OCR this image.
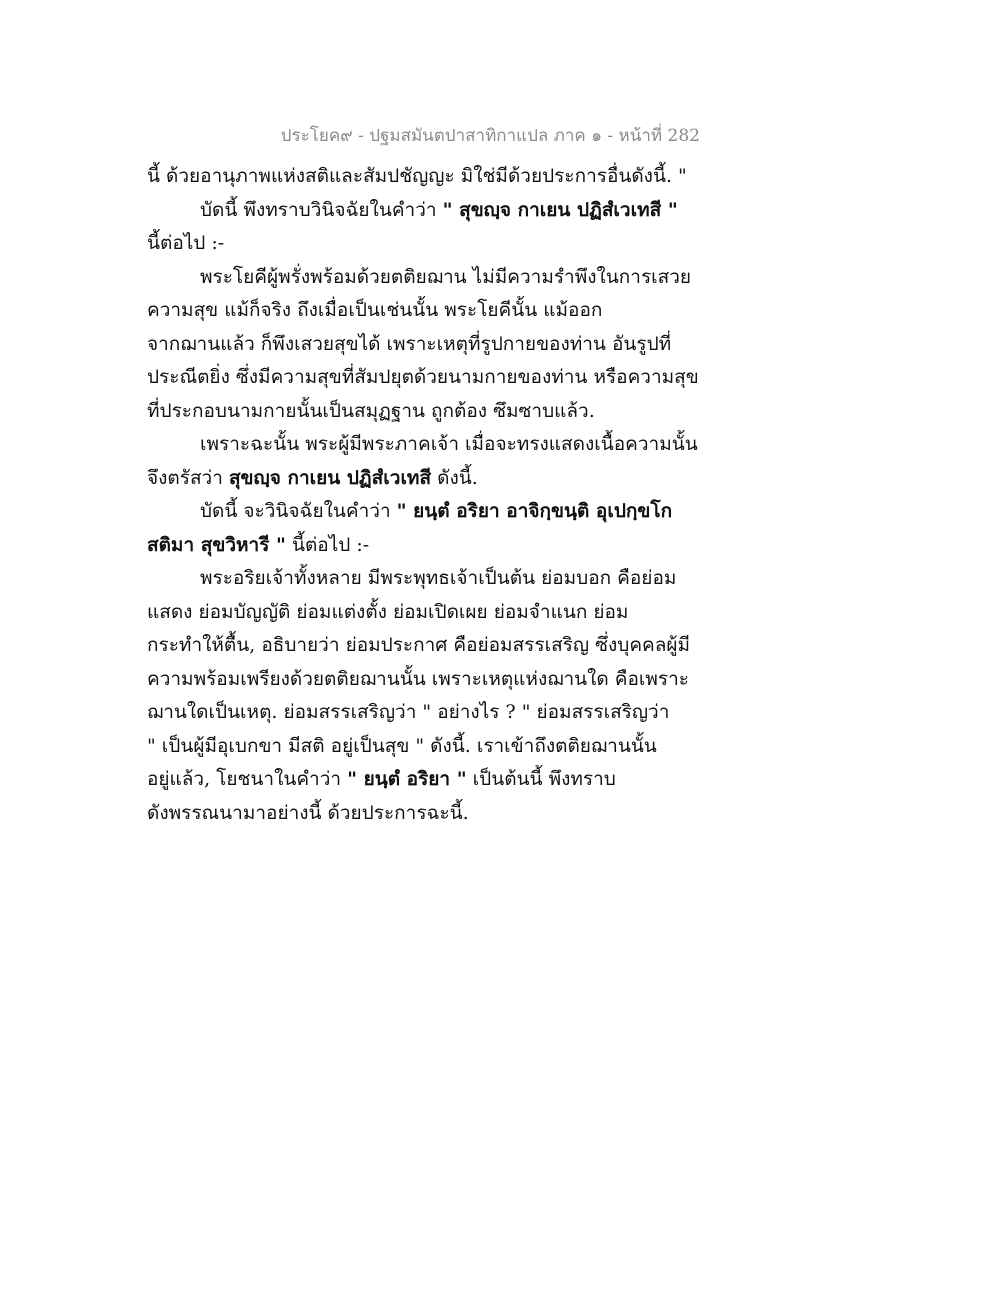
ประโยค๙ - ปฐมสมันตปาสาทิกาแปล ภาค ๑ - หน้าที่ 282
นี้ ด้วยอานุภาพแห่งสติและสัมปชัญญะ มิใช่มีด้วยประการอื่นดังนี้. "
บัดนี้ พึงทราบวินิจฉัยในคำว่า " สุขญฺจ กาเยน ปฏิสํเวเทสี "
นี้ต่อไป :-
พระโยคีผู้พรั่งพร้อมด้วยตติยฌาน ไม่มีความรำพึงในการเสวย
ความสุข แม้ก็จริง ถึงเมื่อเป็นเช่นนั้น พระโยคีนั้น แม้ออก
จากฌานแล้ว ก็พึงเสวยสุขได้ เพราะเหตุที่รูปกายของท่าน อันรูปที่
ประณีตยิ่ง ซึ่งมีความสุขที่สัมปยุตด้วยนามกายของท่าน หรือความสุข
ที่ประกอบนามกายนั้นเป็นสมุฏฐาน ถูกต้อง ซึมซาบแล้ว.
เพราะฉะนั้น พระผู้มีพระภาคเจ้า เมื่อจะทรงแสดงเนื้อความนั้น
จึงตรัสว่า สุขญฺจ กาเยน ปฏิสํเวเทสี ดังนี้.
บัดนี้ จะวินิจฉัยในคำว่า " ยนฺตํ อริยา อาจิกฺขนฺติ อุเปกฺขโก
สติมา สุขวิหารี " นี้ต่อไป :-
พระอริยเจ้าทั้งหลาย มีพระพุทธเจ้าเป็นต้น ย่อมบอก คือย่อม
แสดง ย่อมบัญญัติ ย่อมแต่งตั้ง ย่อมเปิดเผย ย่อมจำแนก ย่อม
กระทำให้ตื้น, อธิบายว่า ย่อมประกาศ คือย่อมสรรเสริญ ซึ่งบุคคลผู้มี
ความพร้อมเพรียงด้วยตติยฌานนั้น เพราะเหตุแห่งฌานใด คือเพราะ
ฌานใดเป็นเหตุ. ย่อมสรรเสริญว่า " อย่างไร ? " ย่อมสรรเสริญว่า
" เป็นผู้มีอุเบกขา มีสติ อยู่เป็นสุข " ดังนี้. เราเข้าถึงตติยฌานนั้น
อยู่แล้ว, โยชนาในคำว่า " ยนฺตํ อริยา " เป็นต้นนี้ พึงทราบ
ดังพรรณนามาอย่างนี้ ด้วยประการฉะนี้.
